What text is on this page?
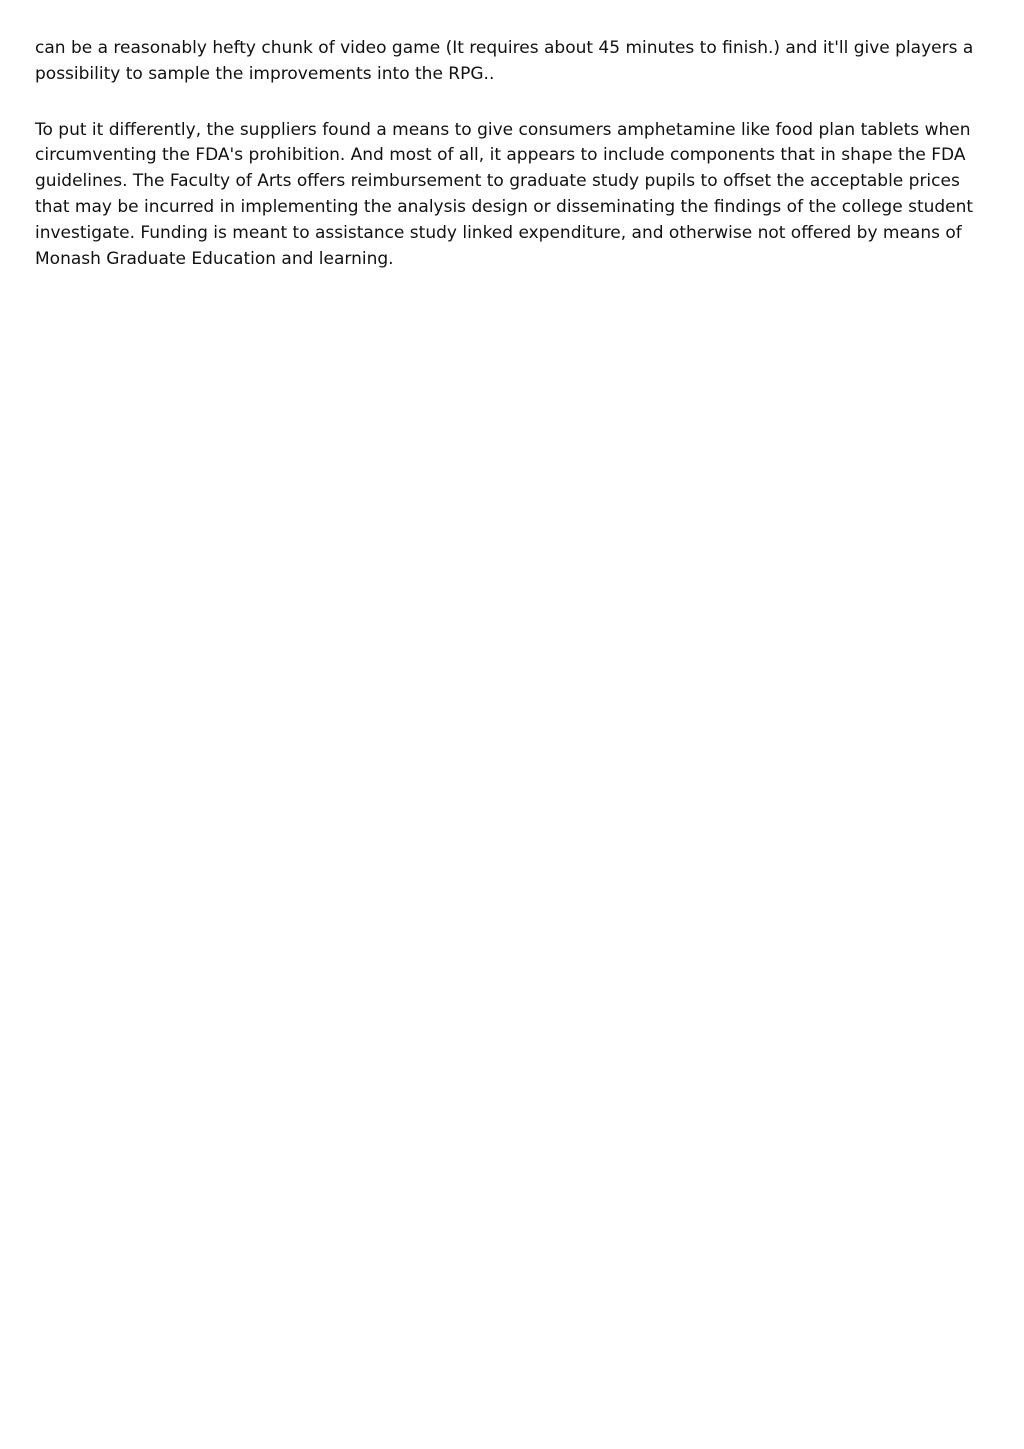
can be a reasonably hefty chunk of video game (It requires about 45 minutes to finish.) and it'll give players a possibility to sample the improvements into the RPG..

To put it differently, the suppliers found a means to give consumers amphetamine like food plan tablets when circumventing the FDA's prohibition. And most of all, it appears to include components that in shape the FDA guidelines. The Faculty of Arts offers reimbursement to graduate study pupils to offset the acceptable prices that may be incurred in implementing the analysis design or disseminating the findings of the college student investigate. Funding is meant to assistance study linked expenditure, and otherwise not offered by means of Monash Graduate Education and learning.
